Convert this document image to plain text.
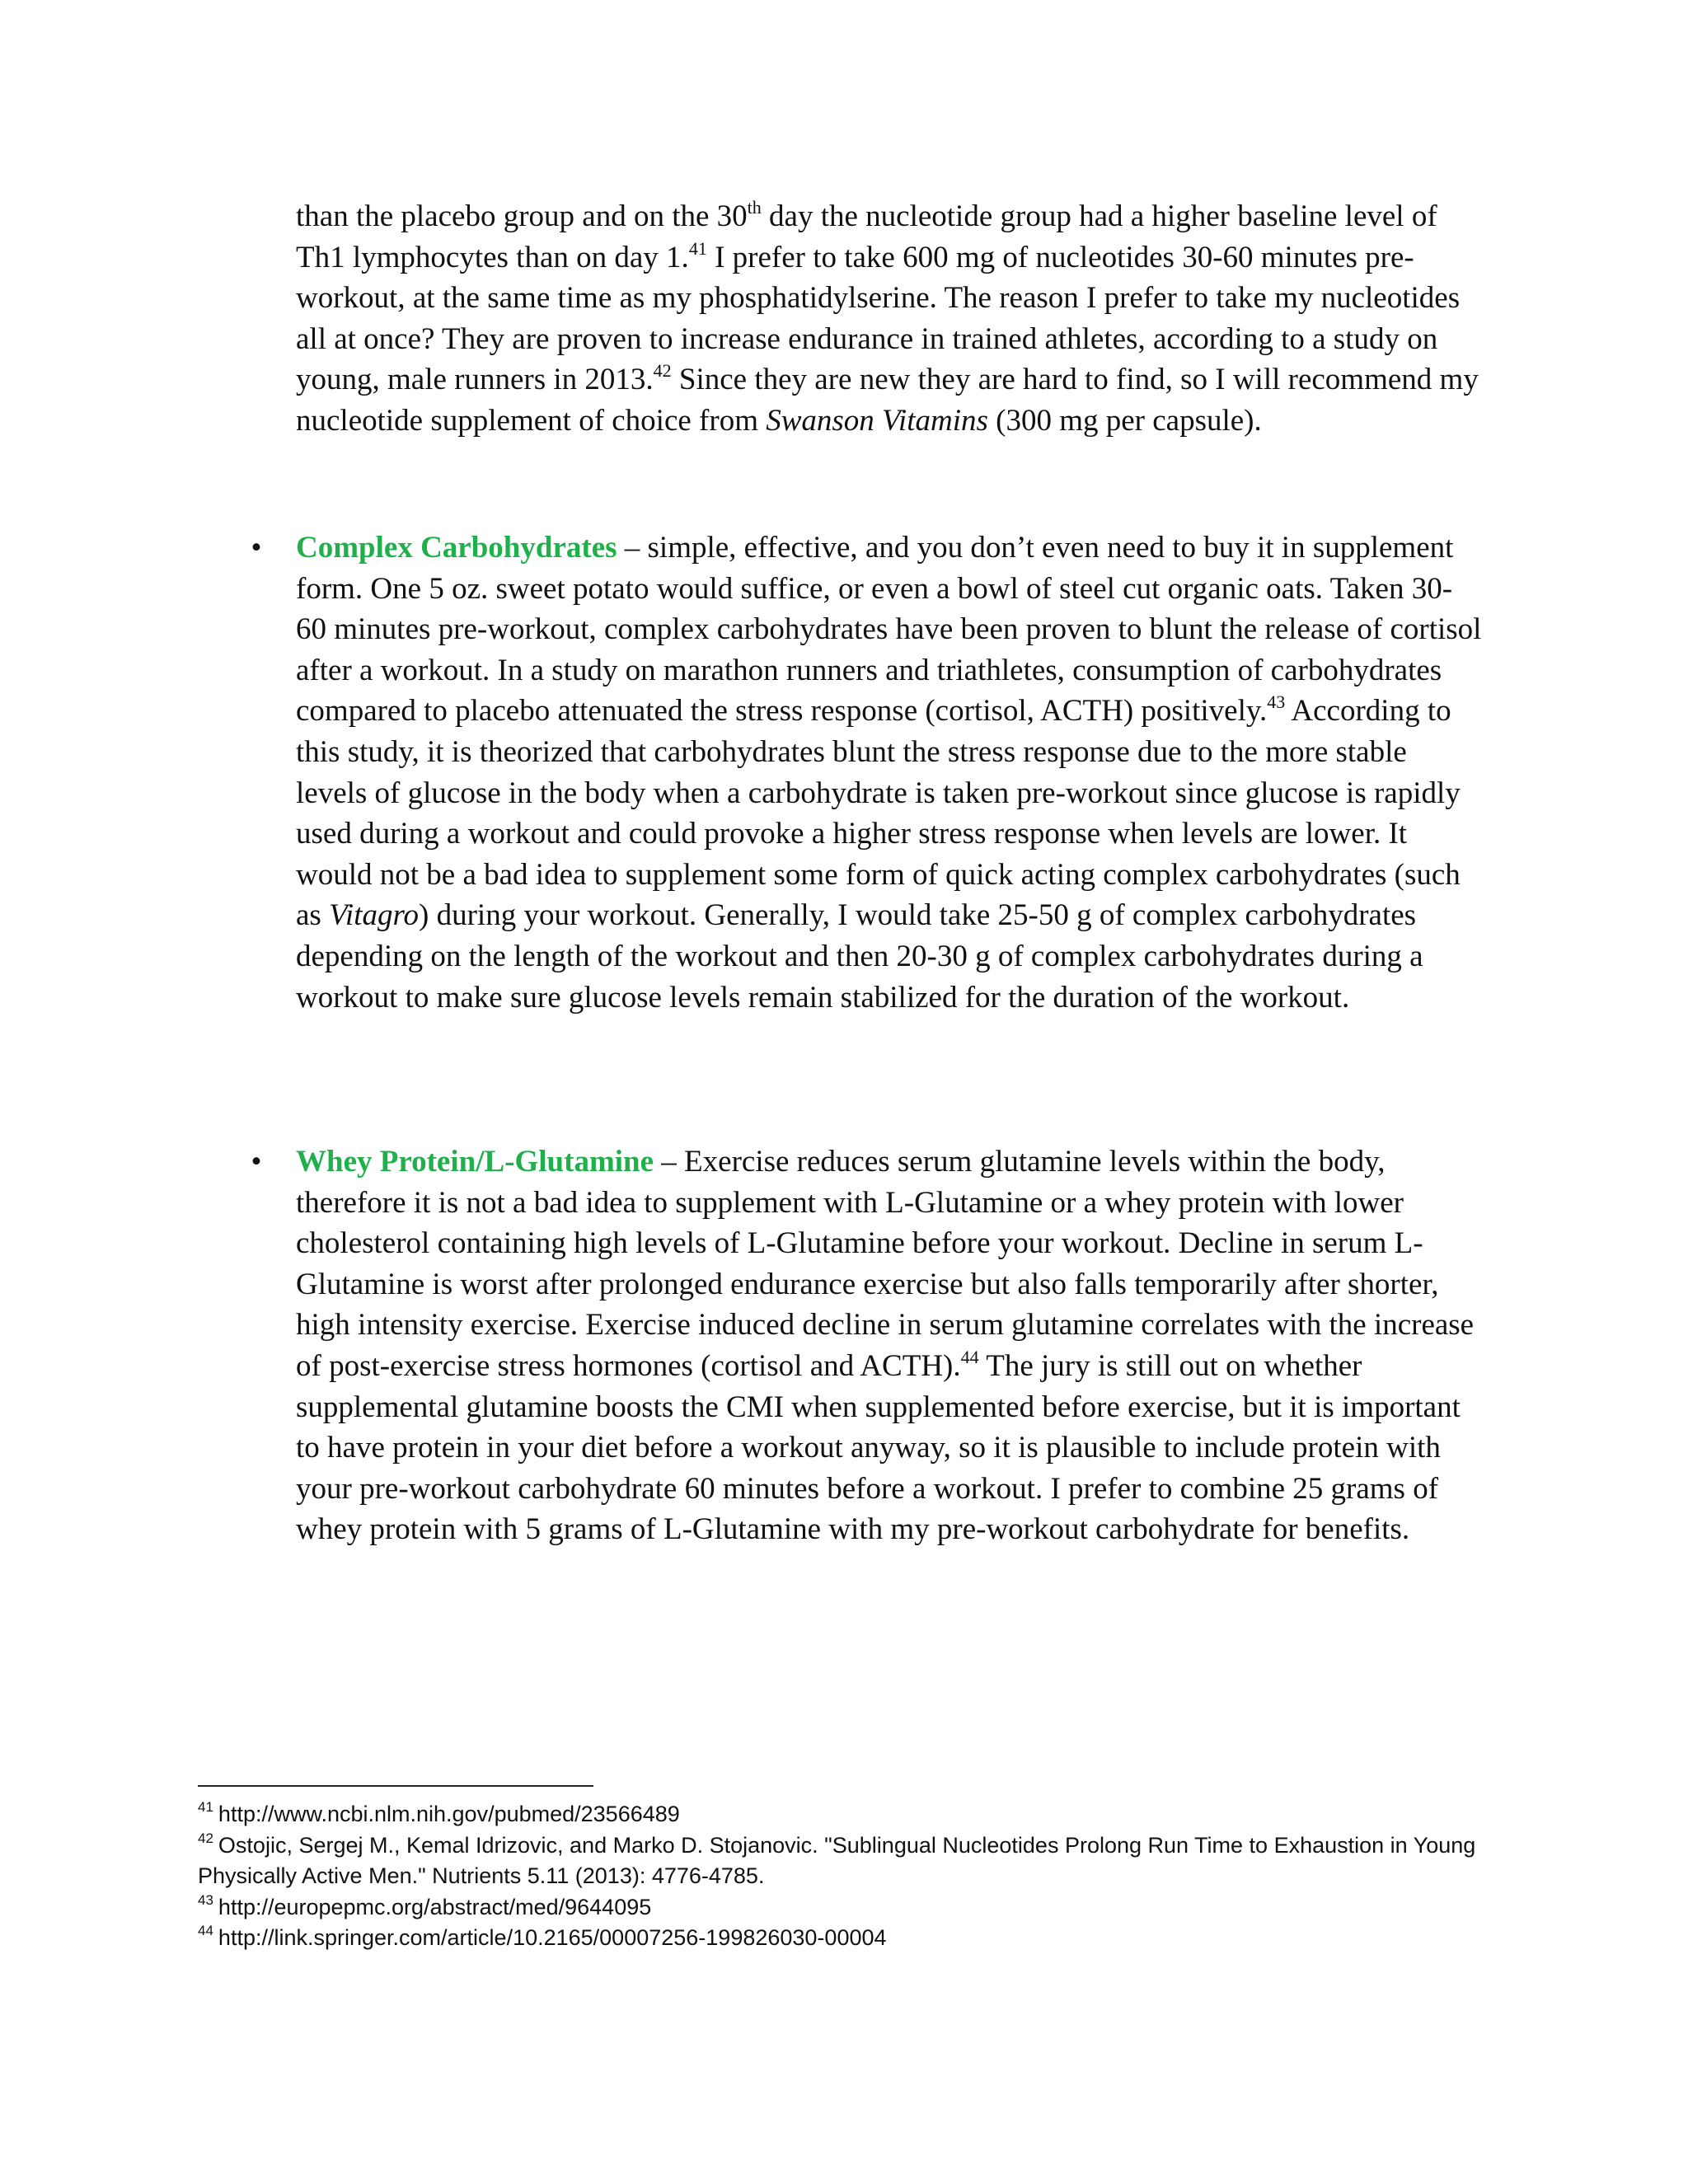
than the placebo group and on the 30th day the nucleotide group had a higher baseline level of Th1 lymphocytes than on day 1.41 I prefer to take 600 mg of nucleotides 30-60 minutes pre-workout, at the same time as my phosphatidylserine. The reason I prefer to take my nucleotides all at once? They are proven to increase endurance in trained athletes, according to a study on young, male runners in 2013.42 Since they are new they are hard to find, so I will recommend my nucleotide supplement of choice from Swanson Vitamins (300 mg per capsule).

• Complex Carbohydrates – simple, effective, and you don’t even need to buy it in supplement form. One 5 oz. sweet potato would suffice, or even a bowl of steel cut organic oats. Taken 30-60 minutes pre-workout, complex carbohydrates have been proven to blunt the release of cortisol after a workout. In a study on marathon runners and triathletes, consumption of carbohydrates compared to placebo attenuated the stress response (cortisol, ACTH) positively.$^{43}$ According to this study, it is theorized that carbohydrates blunt the stress response due to the more stable levels of glucose in the body when a carbohydrate is taken pre-workout since glucose is rapidly used during a workout and could provoke a higher stress response when levels are lower. It would not be a bad idea to supplement some form of quick acting complex carbohydrates (such as Vitagro) during your workout. Generally, I would take 25-50 g of complex carbohydrates depending on the length of the workout and then 20-30 g of complex carbohydrates during a workout to make sure glucose levels remain stabilized for the duration of the workout.

• Whey Protein/L-Glutamine – Exercise reduces serum glutamine levels within the body, therefore it is not a bad idea to supplement with L-Glutamine or a whey protein with lower cholesterol containing high levels of L-Glutamine before your workout. Decline in serum L-Glutamine is worst after prolonged endurance exercise but also falls temporarily after shorter, high intensity exercise. Exercise induced decline in serum glutamine correlates with the increase of post-exercise stress hormones (cortisol and ACTH).$^{44}$ The jury is still out on whether supplemental glutamine boosts the CMI when supplemented before exercise, but it is important to have protein in your diet before a workout anyway, so it is plausible to include protein with your pre-workout carbohydrate 60 minutes before a workout. I prefer to combine 25 grams of whey protein with 5 grams of L-Glutamine with my pre-workout carbohydrate for benefits.

$^{41}$ http://www.ncbi.nlm.nih.gov/pubmed/23566489

$^{42}$ Ostojic, Sergej M., Kemal Idrizovic, and Marko D. Stojanovic. "Sublingual Nucleotides Prolong Run Time to Exhaustion in Young Physically Active Men." Nutrients 5.11 (2013): 4776-4785.

$^{43}$ http://europepmc.org/abstract/med/9644095

$^{44}$ http://link.springer.com/article/10.2165/00007256-199826030-00004
